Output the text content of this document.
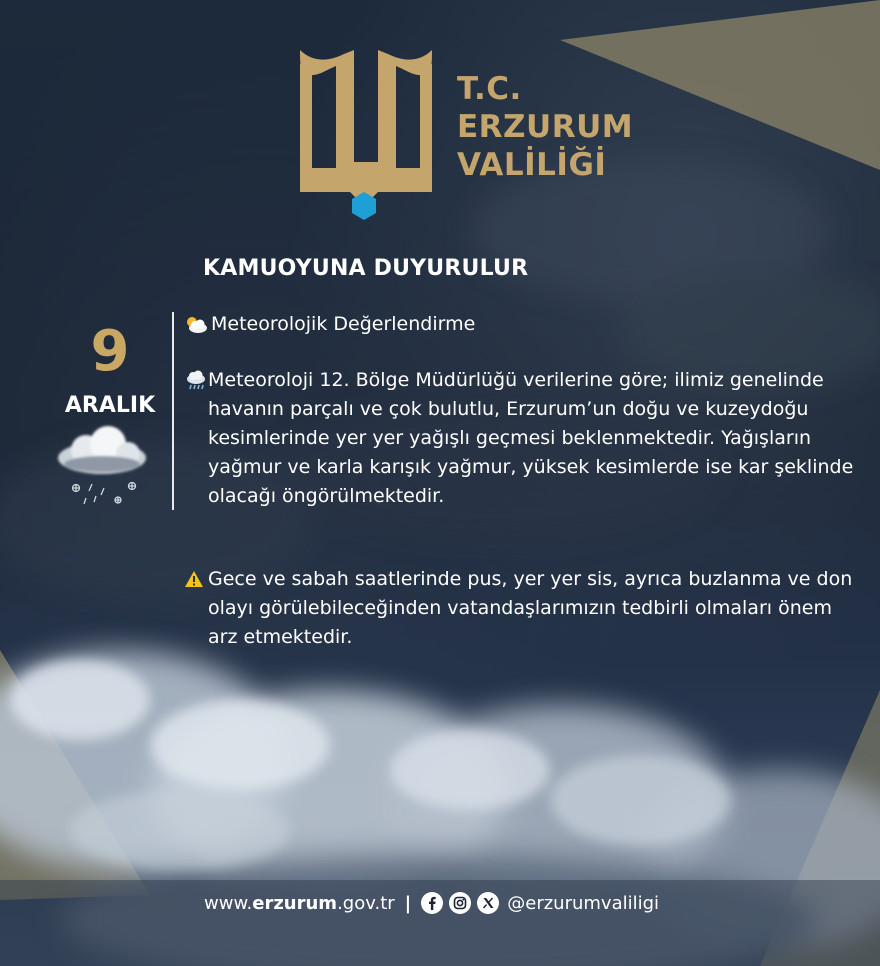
T.C.
ERZURUM
VALİLİĞİ
KAMUOYUNA DUYURULUR
9
ARALIK
Meteorolojik Değerlendirme
Meteoroloji 12. Bölge Müdürlüğü verilerine göre; ilimiz genelinde havanın parçalı ve çok bulutlu, Erzurum’un doğu ve kuzeydoğu kesimlerinde yer yer yağışlı geçmesi beklenmektedir. Yağışların yağmur ve karla karışık yağmur, yüksek kesimlerde ise kar şeklinde olacağı öngörülmektedir.
Gece ve sabah saatlerinde pus, yer yer sis, ayrıca buzlanma ve don olayı görülebileceğinden vatandaşlarımızın tedbirli olmaları önem arz etmektedir.
www.erzurum.gov.tr |	@erzurumvaliligi
